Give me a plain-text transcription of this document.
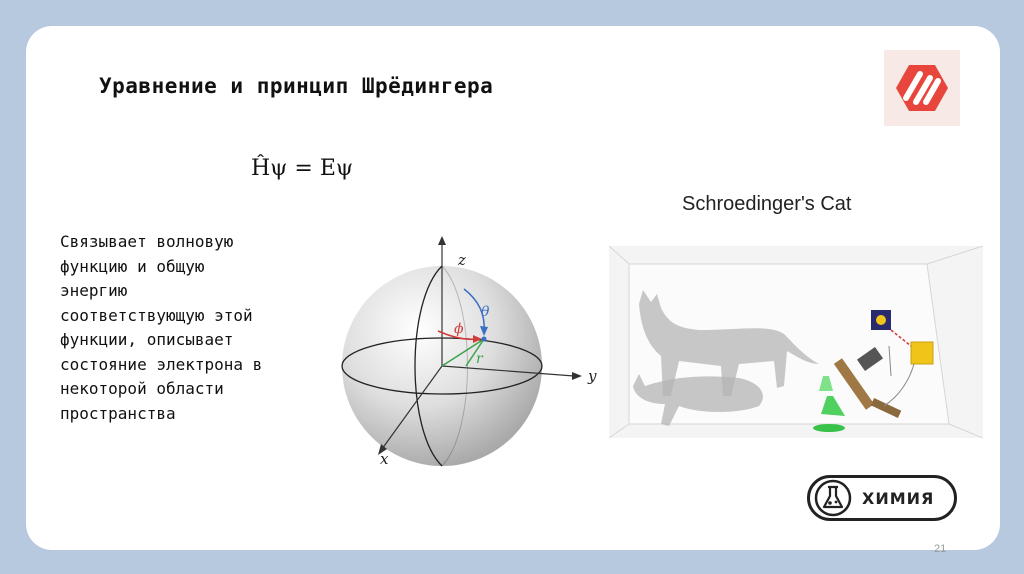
Уравнение и принцип Шрёдингера
Ĥψ = Eψ

Связывает волновую
функцию и общую
энергию
соответствующую этой
функции, описывает
состояние электрона в
некоторой области
пространства

z
y
x
θ
ϕ
r
Schroedinger's Cat
ХИМИЯ
21
